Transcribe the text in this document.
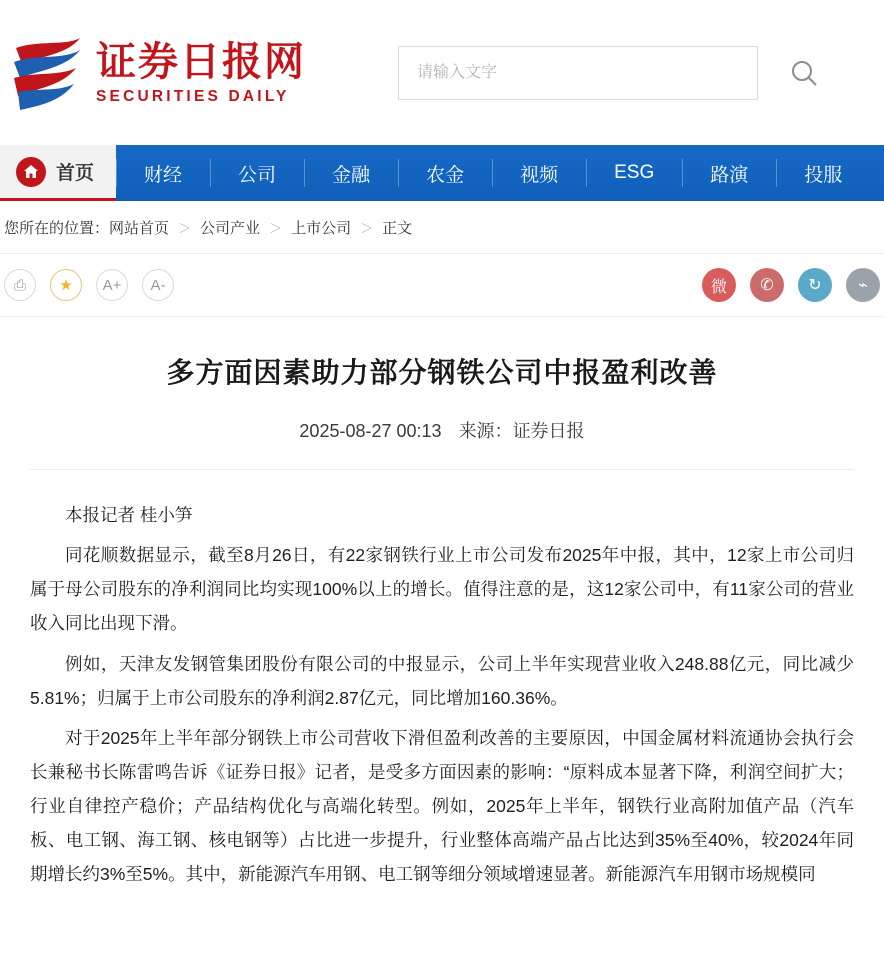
证券日报网
SECURITIES DAILY
请输入文字
首页	财经	公司	金融	农金	视频	ESG	路演	投服
您所在的位置： 网站首页 ＞ 公司产业 ＞ 上市公司 ＞ 正文
⎙ ★ A+ A-	微 ✆ ↻ ⌁
多方面因素助力部分钢铁公司中报盈利改善
2025-08-27 00:13 来源：证券日报

本报记者 桂小笋

同花顺数据显示，截至8月26日，有22家钢铁行业上市公司发布2025年中报，其中，12家上市公司归属于母公司股东的净利润同比均实现100%以上的增长。值得注意的是，这12家公司中，有11家公司的营业收入同比出现下滑。

例如，天津友发钢管集团股份有限公司的中报显示，公司上半年实现营业收入248.88亿元，同比减少5.81%；归属于上市公司股东的净利润2.87亿元，同比增加160.36%。

对于2025年上半年部分钢铁上市公司营收下滑但盈利改善的主要原因，中国金属材料流通协会执行会长兼秘书长陈雷鸣告诉《证券日报》记者，是受多方面因素的影响：“原料成本显著下降，利润空间扩大；行业自律控产稳价；产品结构优化与高端化转型。例如，2025年上半年，钢铁行业高附加值产品（汽车板、电工钢、海工钢、核电钢等）占比进一步提升，行业整体高端产品占比达到35%至40%，较2024年同期增长约3%至5%。其中，新能源汽车用钢、电工钢等细分领域增速显著。新能源汽车用钢市场规模同
